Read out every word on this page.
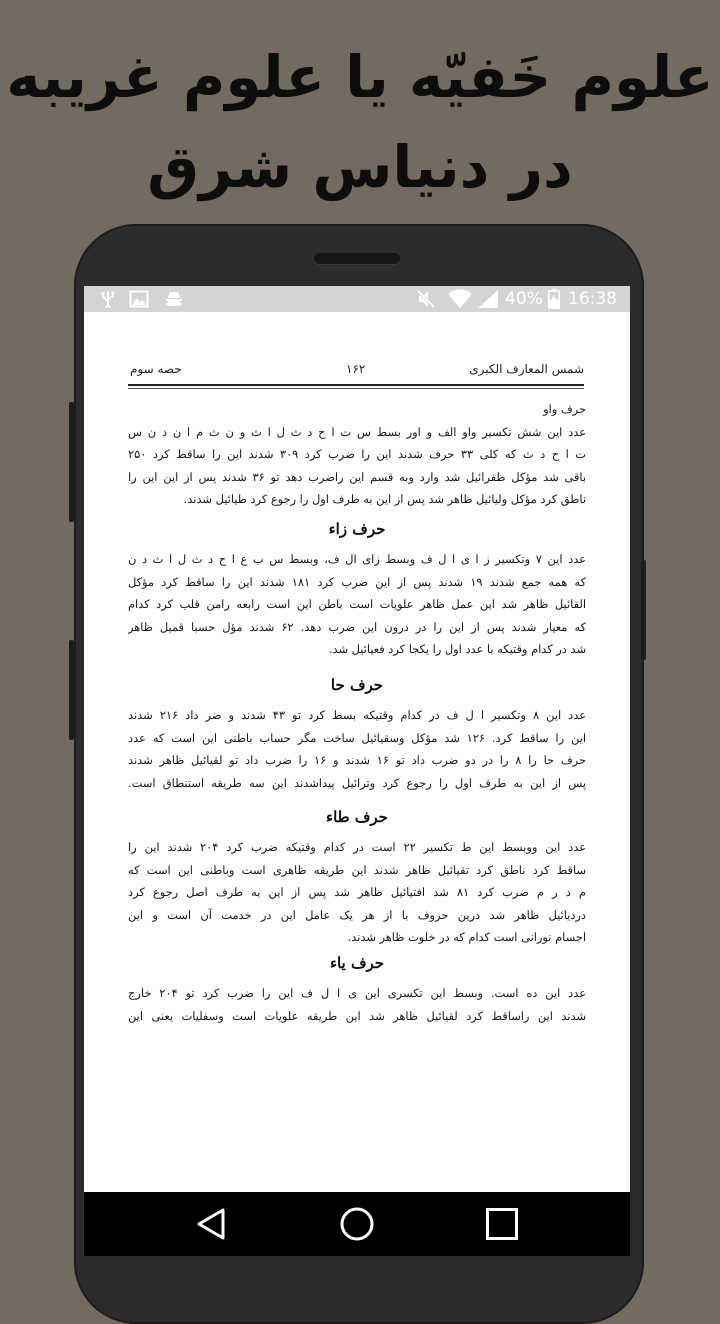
علوم خَفیّه یا علوم غریبه
در دنیاس شرق
40% 16:38
شمس المعارف الکبری
۱۶۲
حصه سوم
حرف واو
عدد این شش تکسیر واو الف و اور بسط س ت ا ح د ث ل ا ث و ن ث م ا ن د ن س
ت ا ح د ث که کلی ۳۳ حرف شدند این را ضرب کرد ۳۰۹ شدند این را ساقط کرد ۲۵۰
باقی شد مؤکل ظفرائیل شد وارد وبه قسم این راضرب دهد تو ۳۶ شدند پس از این این را
ناطق کرد مؤکل ولیائیل ظاهر شد پس از این به طرف اول را رجوع کرد طیائیل شدند.
حرف زاء
عدد این ۷ وتکسیر ز ا ی ا ل ف وبسط زای ال ف، وبسط س ب ع ا ح د ث ل ا ث د ن
که همه جمع شدند ۱۹ شدند پس از این ضرب کرد ۱۸۱ شدند این را ساقط کرد مؤکل
القائیل ظاهر شد این عمل ظاهر علویات است باطن این است رابعه رامن قلب کرد کدام
که معیار شدند پس از این را در درون این ضرب دهد. ۶۲ شدند مؤل حسبا قمیل ظاهر
شد در کدام وقتیکه با عدد اول را یکجا کرد فعیائیل شد.
حرف حا
عدد این ۸ وتکسیر ا ل ف در کدام وقتیکه بسط کرد تو ۴۳ شدند و ضر داد ۲۱۶ شدند
این را ساقط کرد. ۱۲۶ شد مؤکل وسقیائیل ساخت مگر حساب باطنی این است که عدد
حرف حا را ۸ را در دو ضرب داد تو ۱۶ شدند و ۱۶ را ضرب داد تو لقیائیل ظاهر شدند
پس از این به طرف اول را رجوع کرد وترائیل پیداشدند این سه طریقه استنطاق است.
حرف طاء
عدد این ووبسط این ط تکسیر ۲۲ است در کدام وقتیکه ضرب کرد ۲۰۴ شدند این را
ساقط کرد ناطق کرد تقیائیل ظاهر شدند این طریقه ظاهری است وباطنی این است که
م د ر م ضرب کرد ۸۱ شد افتیائیل ظاهر شد پس از این به طرف اصل رجوع کرد
دردیائیل ظاهر شد درین حروف با از هر یک عامل این در خدمت آن است و این
اجسام نورانی است کدام که در خلوت ظاهر شدند.
حرف یاء
عدد این ده است. وبسط این تکسری این ی ا ل ف این را ضرب کرد تو ۲۰۴ خارج
شدند این راساقط کرد لقیائیل ظاهر شد این طریقه علویات است وسفلیات یعنی این
